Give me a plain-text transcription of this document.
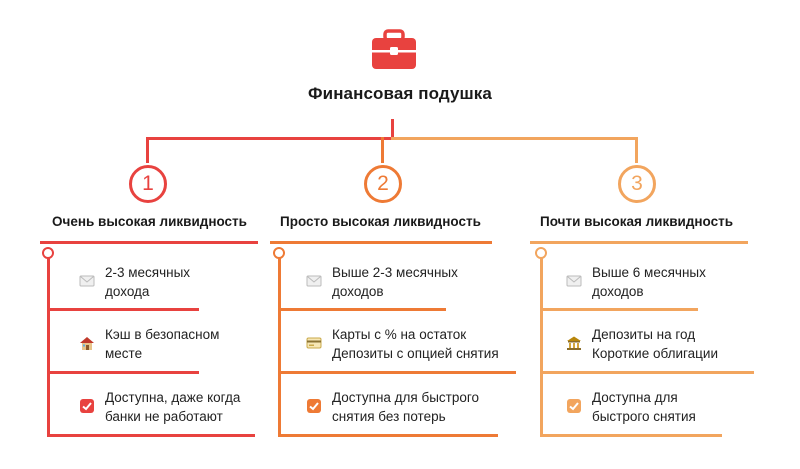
Финансовая подушка
1
Очень высокая ликвидность
2-3 месячных
дохода
Кэш в безопасном
месте
Доступна, даже когда
банки не работают
2
Просто высокая ликвидность
Выше 2-3 месячных
доходов
Карты с % на остаток
Депозиты с опцией снятия
Доступна для быстрого
снятия без потерь
3
Почти высокая ликвидность
Выше 6 месячных
доходов
Депозиты на год
Короткие облигации
Доступна для
быстрого снятия
